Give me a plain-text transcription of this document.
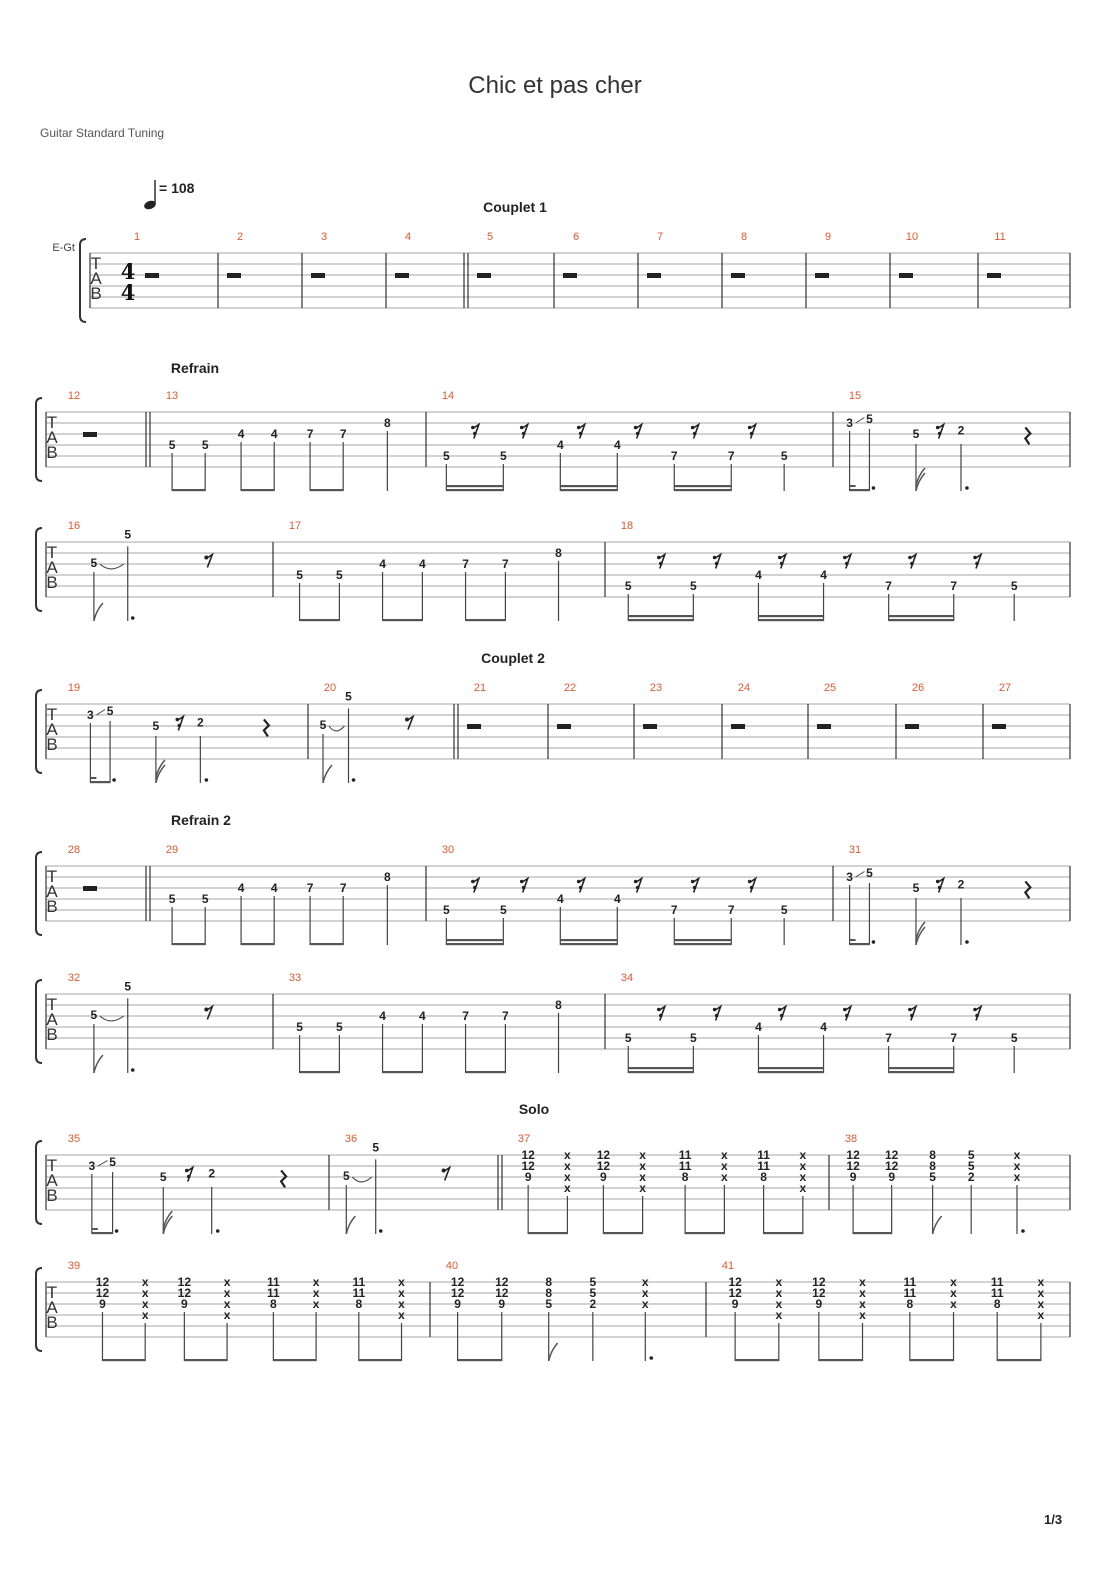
Chic et pas cher
Guitar Standard Tuning
= 108
1/3
E-Gt
T
A
B
4
4
Couplet 1
1	2	3	4	5	6	7	8	9	10	11
T
A
B
Refrain
12	13
5 5
4 4 7 7
8
14
5	5
4	4
7	7	5
15
3 5
5	2
T
A
B
16
5
5
17
5	5
4	4	7	7
8
18
5	5
4	4
7	7	5
T
A
B
Couplet 2
19
3 5
5	2
20
5
5
21	22	23	24	25	26	27
T
A
B
Refrain 2
28	29
5 5
4 4 7 7
8
30
5	5
4	4
7	7	5
31
3 5
5	2
T
A
B
32
5
5
33
5	5
4	4	7	7
8
34
5	5
4	4
7	7	5
T
A
B
Solo
35
3 5
5	2
36
5
5
37
12
12
9
x
x
x
x
12
12
9
x
x
x
x
11
11
8
x
x
x
11
11
8
x
x
x
x
38
12
12
9
12
12
9
8
8
5
5
5
2
x
x
x
T
A
B
39
12
12
9
x
x
x
x
12
12
9
x
x
x
x
11
11
8
x
x
x
11
11
8
x
x
x
x
40
12
12
9
12
12
9
8
8
5
5
5
2
x
x
x
41
12
12
9
x
x
x
x
12
12
9
x
x
x
x
11
11
8
x
x
x
11
11
8
x
x
x
x
